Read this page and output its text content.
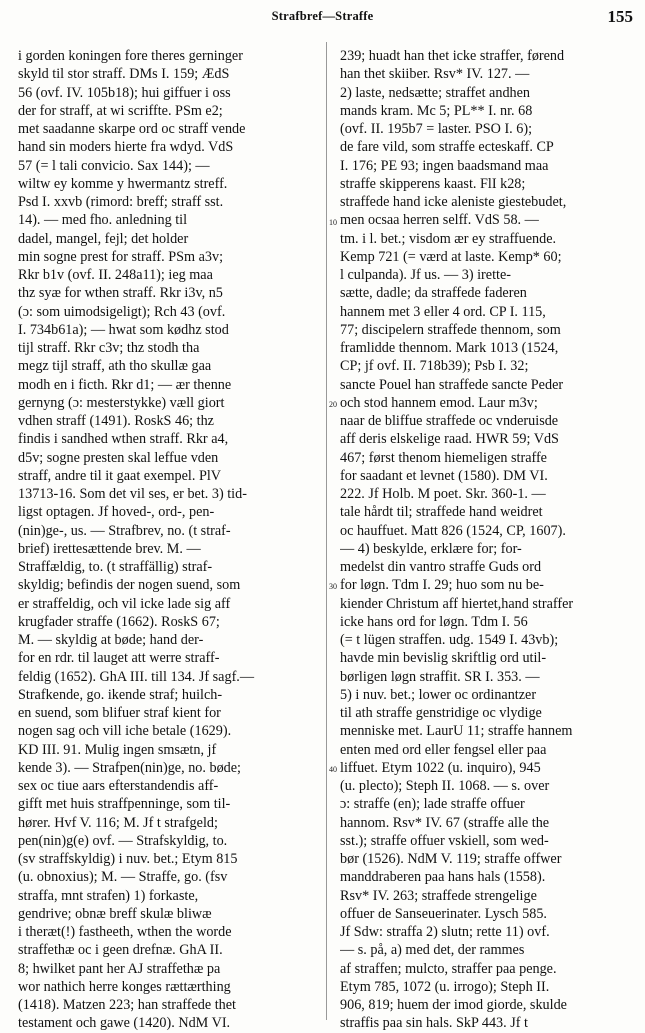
Strafbref—Straffe	155
10
20
30
40
i gorden koningen fore theres gerninger
skyld til stor straff. DMs I. 159; ÆdS
56 (ovf. IV. 105b18); hui giffuer i oss
der for straff, at wi scriffte. PSm e2;
met saadanne skarpe ord oc straff vende
hand sin moders hierte fra wdyd. VdS
57 (= l tali convicio. Sax 144); —
wiltw ey komme y hwermantz streff.
Psd I. xxvb (rimord: breff; straff sst.
14). — med fho. anledning til
dadel, mangel, fejl; det holder
min sogne prest for straff. PSm a3v;
Rkr b1v (ovf. II. 248a11); ieg maa
thz syæ for wthen straff. Rkr i3v, n5
(ɔ: som uimodsigeligt); Rch 43 (ovf.
I. 734b61a); — hwat som kødhz stod
tijl straff. Rkr c3v; thz stodh tha
megz tijl straff, ath tho skullæ gaa
modh en i ficth. Rkr d1; — ær thenne
gernyng (ɔ: mesterstykke) væll giort
vdhen straff (1491). RoskS 46; thz
findis i sandhed wthen straff. Rkr a4,
d5v; sogne presten skal leffue vden
straff, andre til it gaat exempel. PlV
13713-16. Som det vil ses, er bet. 3) tid-
ligst optagen. Jf hoved-, ord-, pen-
(nin)ge-, us. — Strafbrev, no. (t straf-
brief) irettesættende brev. M. —
Straffældig, to. (t straffällig) straf-
skyldig; befindis der nogen suend, som
er straffeldig, och vil icke lade sig aff
krugfader straffe (1662). RoskS 67;
M. — skyldig at bøde; hand der-
for en rdr. til lauget att werre straff-
feldig (1652). GhA III. till 134. Jf sagf.—
Strafkende, go. ikende straf; huilch-
en suend, som blifuer straf kient for
nogen sag och vill iche betale (1629).
KD III. 91. Mulig ingen smsætn, jf
kende 3). — Strafpen(nin)ge, no. bøde;
sex oc tiue aars efterstandendis aff-
gifft met huis straffpenninge, som til-
hører. Hvf V. 116; M. Jf t strafgeld;
pen(nin)g(e) ovf. — Strafskyldig, to.
(sv straffskyldig) i nuv. bet.; Etym 815
(u. obnoxius); M. — Straffe, go. (fsv
straffa, mnt strafen) 1) forkaste,
gendrive; obnæ breff skulæ bliwæ
i theræt(!) fastheeth, wthen the worde
straffethæ oc i geen drefnæ. GhA II.
8; hwilket pant her AJ straffethæ pa
wor nathich herre konges rættærthing
(1418). Matzen 223; han straffede thet
testament och gawe (1420). NdM VI.
239; huadt han thet icke straffer, førend
han thet skiiber. Rsv* IV. 127. —
2) laste, nedsætte; straffet andhen
mands kram. Mc 5; PL** I. nr. 68
(ovf. II. 195b7 = laster. PSO I. 6);
de fare vild, som straffe ecteskaff. CP
I. 176; PE 93; ingen baadsmand maa
straffe skipperens kaast. FlI k28;
straffede hand icke aleniste giestebudet,
men ocsaa herren selff. VdS 58. —
tm. i l. bet.; visdom ær ey straffuende.
Kemp 721 (= værd at laste. Kemp* 60;
l culpanda). Jf us. — 3) irette-
sætte, dadle; da straffede faderen
hannem met 3 eller 4 ord. CP I. 115,
77; discipelern straffede thennom, som
framlidde thennom. Mark 1013 (1524,
CP; jf ovf. II. 718b39); Psb I. 32;
sancte Pouel han straffede sancte Peder
och stod hannem emod. Laur m3v;
naar de bliffue straffede oc vnderuisde
aff deris elskelige raad. HWR 59; VdS
467; først thenom hiemeligen straffe
for saadant et levnet (1580). DM VI.
222. Jf Holb. M poet. Skr. 360-1. —
tale hårdt til; straffede hand weidret
oc hauffuet. Matt 826 (1524, CP, 1607).
— 4) beskylde, erklære for; for-
medelst din vantro straffe Guds ord
for løgn. Tdm I. 29; huo som nu be-
kiender Christum aff hiertet,hand straffer
icke hans ord for løgn. Tdm I. 56
(= t lügen straffen. udg. 1549 I. 43vb);
havde min bevislig skriftlig ord util-
børligen løgn straffit. SR I. 353. —
5) i nuv. bet.; lower oc ordinantzer
til ath straffe genstridige oc vlydige
menniske met. LaurU 11; straffe hannem
enten med ord eller fengsel eller paa
liffuet. Etym 1022 (u. inquiro), 945
(u. plecto); Steph II. 1068. — s. over
ɔ: straffe (en); lade straffe offuer
hannom. Rsv* IV. 67 (straffe alle the
sst.); straffe offuer vskiell, som wed-
bør (1526). NdM V. 119; straffe offwer
manddraberen paa hans hals (1558).
Rsv* IV. 263; straffede strengelige
offuer de Sanseuerinater. Lysch 585.
Jf Sdw: straffa 2) slutn; rette 11) ovf.
— s. på, a) med det, der rammes
af straffen; mulcto, straffer paa penge.
Etym 785, 1072 (u. irrogo); Steph II.
906, 819; huem der imod giorde, skulde
straffis paa sin hals. SkP 443. Jf t
